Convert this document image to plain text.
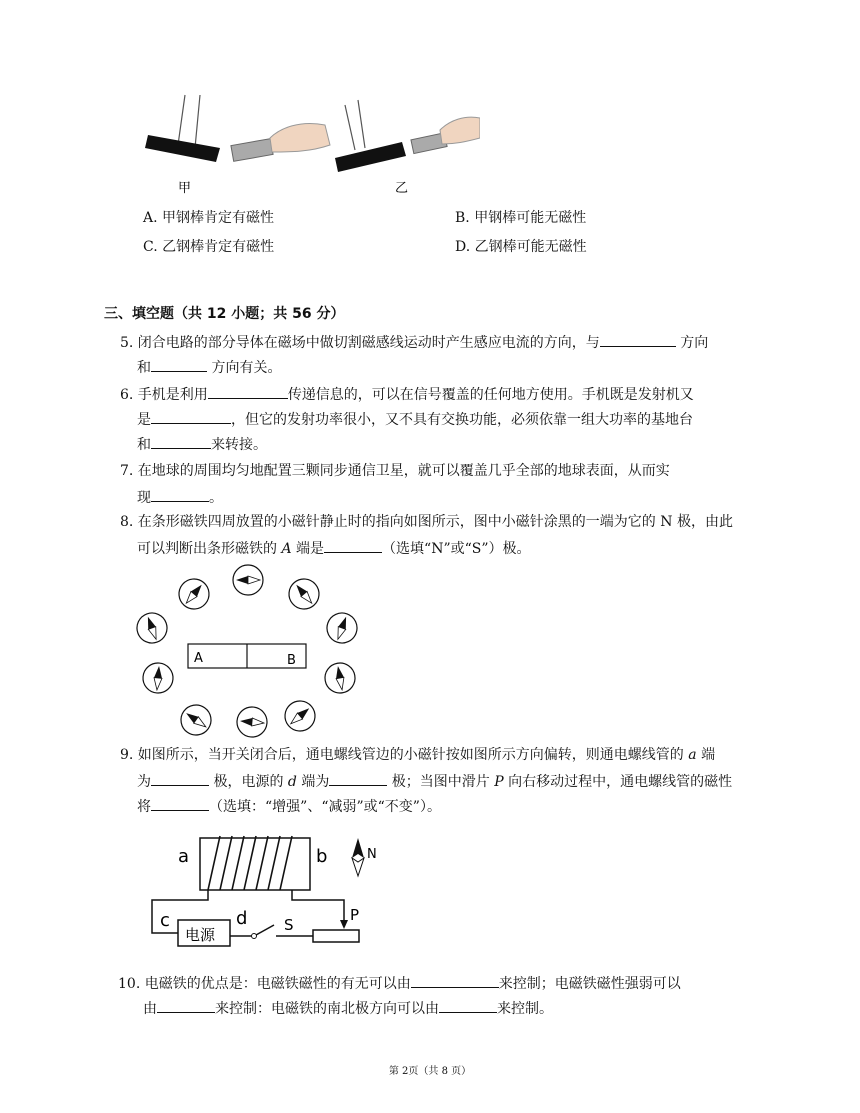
甲	乙
A. 甲钢棒肯定有磁性	B. 甲钢棒可能无磁性
C. 乙钢棒肯定有磁性	D. 乙钢棒可能无磁性
三、填空题（共 12 小题；共 56 分）
5. 闭合电路的部分导体在磁场中做切割磁感线运动时产生感应电流的方向，与	方向
和	方向有关。
6. 手机是利用	传递信息的，可以在信号覆盖的任何地方使用。手机既是发射机又
是	，但它的发射功率很小，又不具有交换功能，必须依靠一组大功率的基地台
和	来转接。
7. 在地球的周围均匀地配置三颗同步通信卫星，就可以覆盖几乎全部的地球表面，从而实
现	。
8. 在条形磁铁四周放置的小磁针静止时的指向如图所示，图中小磁针涂黑的一端为它的 N 极，由此
可以判断出条形磁铁的 A 端是	（选填“N”或“S”）极。
A	B
9. 如图所示，当开关闭合后，通电螺线管边的小磁针按如图所示方向偏转，则通电螺线管的 a 端
为	极，电源的 d 端为	极；当图中滑片 P 向右移动过程中，通电螺线管的磁性
将	（选填：“增强”、“减弱”或“不变”）。
a	b	N
电源
c	d S
P
10. 电磁铁的优点是：电磁铁磁性的有无可以由	来控制；电磁铁磁性强弱可以
由	来控制：电磁铁的南北极方向可以由	来控制。
第 2页（共 8 页）
